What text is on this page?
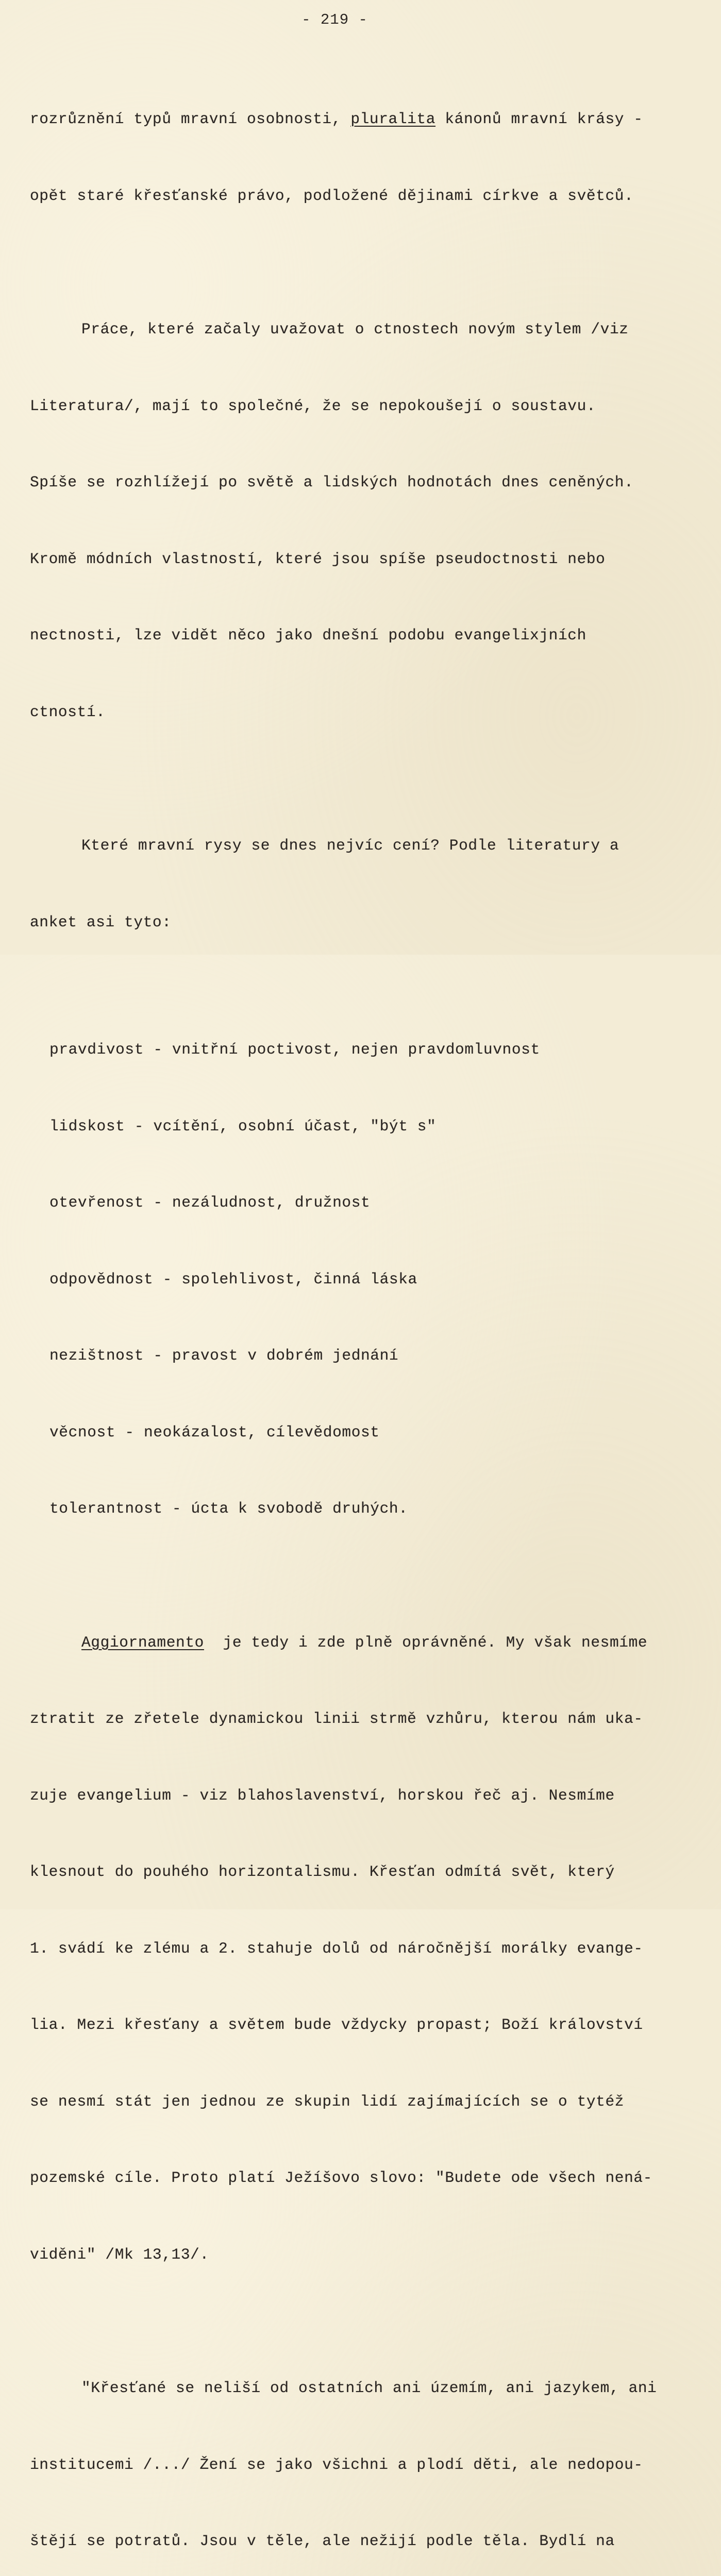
- 219 -

rozrůznění typů mravní osobnosti, pluralita kánonů mravní krásy -

opět staré křesťanské právo, podložené dějinami církve a světců.

Práce, které začaly uvažovat o ctnostech novým stylem /viz

Literatura/, mají to společné, že se nepokoušejí o soustavu.

Spíše se rozhlížejí po světě a lidských hodnotách dnes ceněných.

Kromě módních vlastností, které jsou spíše pseudoctnosti nebo

nectnosti, lze vidět něco jako dnešní podobu evangelixjních

ctností.

Které mravní rysy se dnes nejvíc cení? Podle literatury a

anket asi tyto:

pravdivost - vnitřní poctivost, nejen pravdomluvnost

lidskost - vcítění, osobní účast, "být s"

otevřenost - nezáludnost, družnost

odpovědnost - spolehlivost, činná láska

nezištnost - pravost v dobrém jednání

věcnost - neokázalost, cílevědomost

tolerantnost - úcta k svobodě druhých.

Aggiornamento  je tedy i zde plně oprávněné. My však nesmíme

ztratit ze zřetele dynamickou linii strmě vzhůru, kterou nám uka-

zuje evangelium - viz blahoslavenství, horskou řeč aj. Nesmíme

klesnout do pouhého horizontalismu. Křesťan odmítá svět, který

1. svádí ke zlému a 2. stahuje dolů od náročnější morálky evange-

lia. Mezi křesťany a světem bude vždycky propast; Boží království

se nesmí stát jen jednou ze skupin lidí zajímajících se o tytéž

pozemské cíle. Proto platí Ježíšovo slovo: "Budete ode všech nená-

viděni" /Mk 13,13/.

"Křesťané se neliší od ostatních ani územím, ani jazykem, ani

institucemi /.../ Žení se jako všichni a plodí děti, ale nedopou-

štějí se potratů. Jsou v těle, ale nežijí podle těla. Bydlí na
